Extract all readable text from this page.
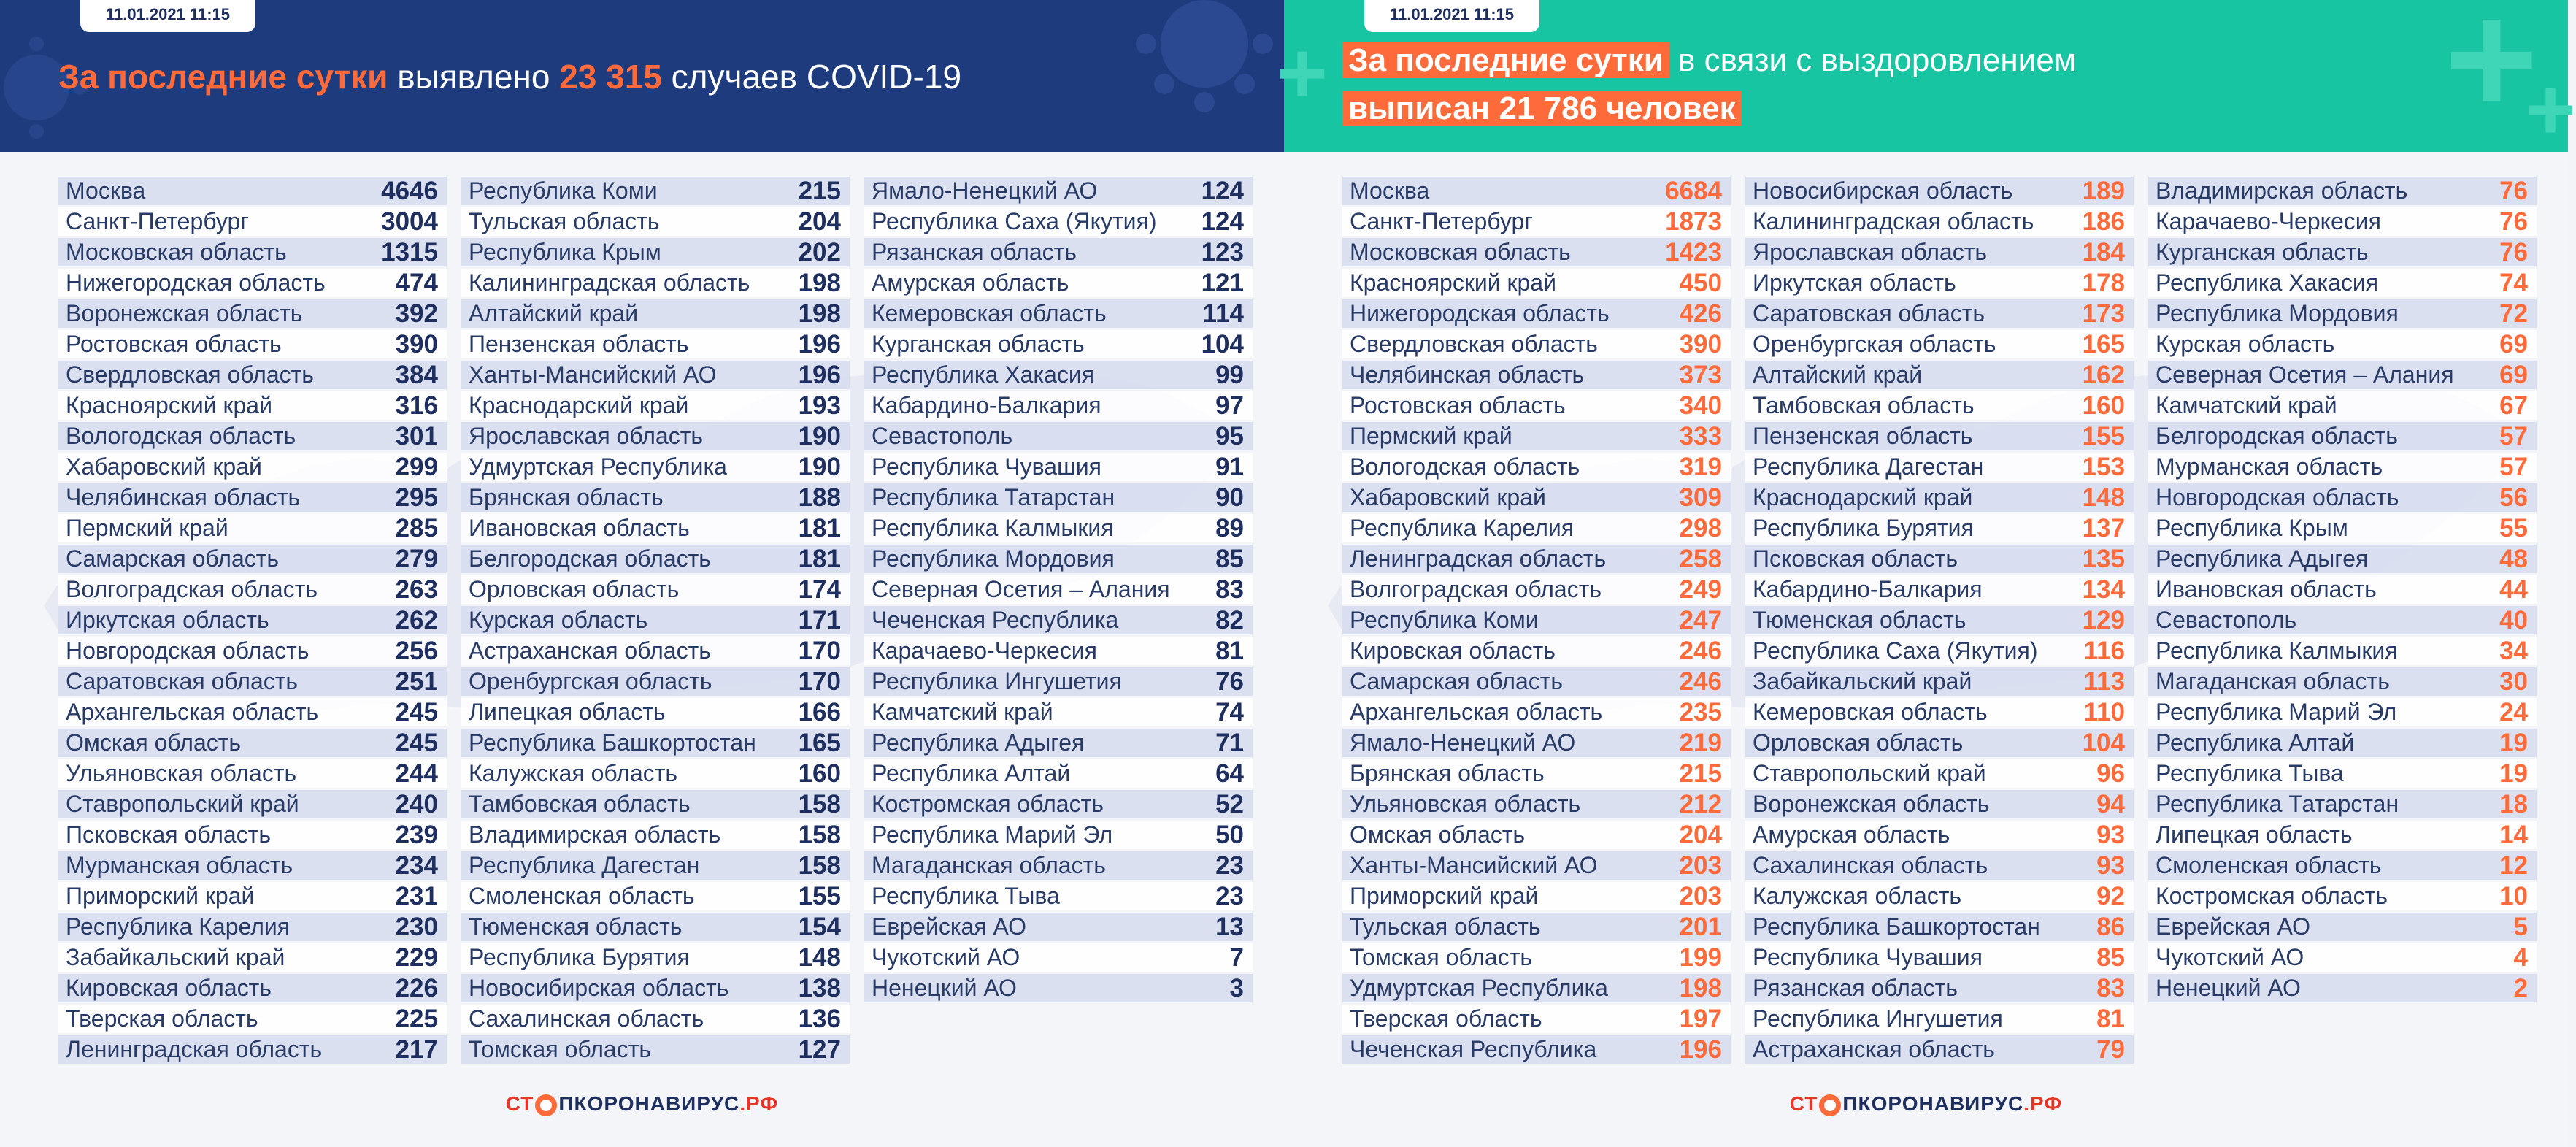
11.01.2021 11:15
За последние сутки выявлено 23 315 случаев COVID-19
Москва	4646
Санкт-Петербург	3004
Московская область	1315
Нижегородская область	474
Воронежская область	392
Ростовская область	390
Свердловская область	384
Красноярский край	316
Вологодская область	301
Хабаровский край	299
Челябинская область	295
Пермский край	285
Самарская область	279
Волгоградская область	263
Иркутская область	262
Новгородская область	256
Саратовская область	251
Архангельская область	245
Омская область	245
Ульяновская область	244
Ставропольский край	240
Псковская область	239
Мурманская область	234
Приморский край	231
Республика Карелия	230
Забайкальский край	229
Кировская область	226
Тверская область	225
Ленинградская область	217
Республика Коми	215
Тульская область	204
Республика Крым	202
Калининградская область 198
Алтайский край	198
Пензенская область	196
Ханты-Мансийский АО	196
Краснодарский край	193
Ярославская область	190
Удмуртская Республика	190
Брянская область	188
Ивановская область	181
Белгородская область	181
Орловская область	174
Курская область	171
Астраханская область	170
Оренбургская область	170
Липецкая область	166
Республика Башкортостан 165
Калужская область	160
Тамбовская область	158
Владимирская область	158
Республика Дагестан	158
Смоленская область	155
Тюменская область	154
Республика Бурятия	148
Новосибирская область	138
Сахалинская область	136
Томская область	127
Ямало-Ненецкий АО	124
Республика Саха (Якутия) 124
Рязанская область	123
Амурская область	121
Кемеровская область	114
Курганская область	104
Республика Хакасия	99
Кабардино-Балкария	97
Севастополь	95
Республика Чувашия	91
Республика Татарстан	90
Республика Калмыкия	89
Республика Мордовия	85
Северная Осетия – Алания 83
Чеченская Республика	82
Карачаево-Черкесия	81
Республика Ингушетия	76
Камчатский край	74
Республика Адыгея	71
Республика Алтай	64
Костромская область	52
Республика Марий Эл	50
Магаданская область	23
Республика Тыва	23
Еврейская АО	13
Чукотский АО	7
Ненецкий АО	3
СТ ПКОРОНАВИРУС.РФ
+
+
+
11.01.2021 11:15
За последние сутки в связи с выздоровлением
выписан 21 786 человек
Москва	6684
Санкт-Петербург	1873
Московская область	1423
Красноярский край	450
Нижегородская область	426
Свердловская область	390
Челябинская область	373
Ростовская область	340
Пермский край	333
Вологодская область	319
Хабаровский край	309
Республика Карелия	298
Ленинградская область	258
Волгоградская область	249
Республика Коми	247
Кировская область	246
Самарская область	246
Архангельская область	235
Ямало-Ненецкий АО	219
Брянская область	215
Ульяновская область	212
Омская область	204
Ханты-Мансийский АО	203
Приморский край	203
Тульская область	201
Томская область	199
Удмуртская Республика	198
Тверская область	197
Чеченская Республика	196
Новосибирская область	189
Калининградская область 186
Ярославская область	184
Иркутская область	178
Саратовская область	173
Оренбургская область	165
Алтайский край	162
Тамбовская область	160
Пензенская область	155
Республика Дагестан	153
Краснодарский край	148
Республика Бурятия	137
Псковская область	135
Кабардино-Балкария	134
Тюменская область	129
Республика Саха (Якутия) 116
Забайкальский край	113
Кемеровская область	110
Орловская область	104
Ставропольский край	96
Воронежская область	94
Амурская область	93
Сахалинская область	93
Калужская область	92
Республика Башкортостан 86
Республика Чувашия	85
Рязанская область	83
Республика Ингушетия	81
Астраханская область	79
Владимирская область	76
Карачаево-Черкесия	76
Курганская область	76
Республика Хакасия	74
Республика Мордовия	72
Курская область	69
Северная Осетия – Алания 69
Камчатский край	67
Белгородская область	57
Мурманская область	57
Новгородская область	56
Республика Крым	55
Республика Адыгея	48
Ивановская область	44
Севастополь	40
Республика Калмыкия	34
Магаданская область	30
Республика Марий Эл	24
Республика Алтай	19
Республика Тыва	19
Республика Татарстан	18
Липецкая область	14
Смоленская область	12
Костромская область	10
Еврейская АО	5
Чукотский АО	4
Ненецкий АО	2
СТ ПКОРОНАВИРУС.РФ
